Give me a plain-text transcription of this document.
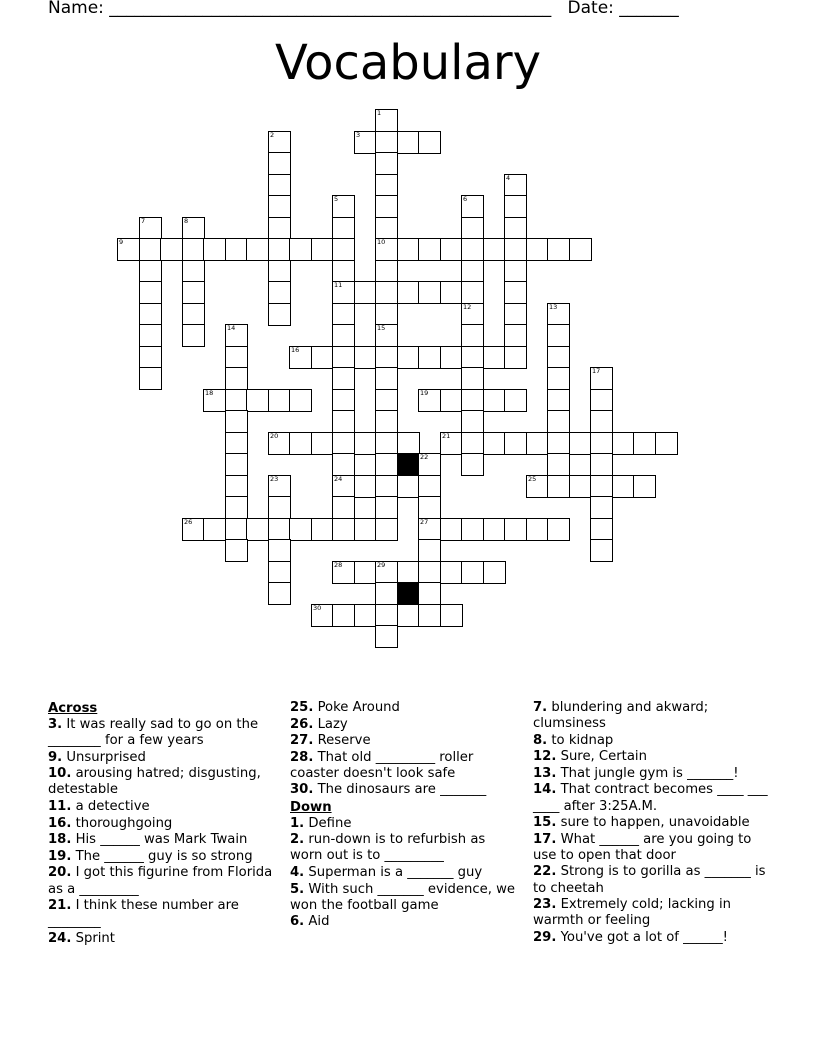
Name: ____________________________________________________ Date: _______
Vocabulary
1
2	3
4
5	6
7	8
9	10
11
12	13
14	15
16
17
18	19
20	21
22
23	24	25
26	27
28	29
30
Across
3. It was really sad to go on the ________ for a few years
9. Unsurprised
10. arousing hatred; disgusting, detestable
11. a detective
16. thoroughgoing
18. His ______ was Mark Twain
19. The ______ guy is so strong
20. I got this figurine from Florida as a _________
21. I think these number are ________
24. Sprint
25. Poke Around
26. Lazy
27. Reserve
28. That old _________ roller coaster doesn't look safe
30. The dinosaurs are _______
Down
1. Define
2. run-down is to refurbish as worn out is to _________
4. Superman is a _______ guy
5. With such _______ evidence, we won the football game
6. Aid
7. blundering and akward; clumsiness
8. to kidnap
12. Sure, Certain
13. That jungle gym is _______!
14. That contract becomes ____ ___ ____ after 3:25A.M.
15. sure to happen, unavoidable
17. What ______ are you going to use to open that door
22. Strong is to gorilla as _______ is to cheetah
23. Extremely cold; lacking in warmth or feeling
29. You've got a lot of ______!
